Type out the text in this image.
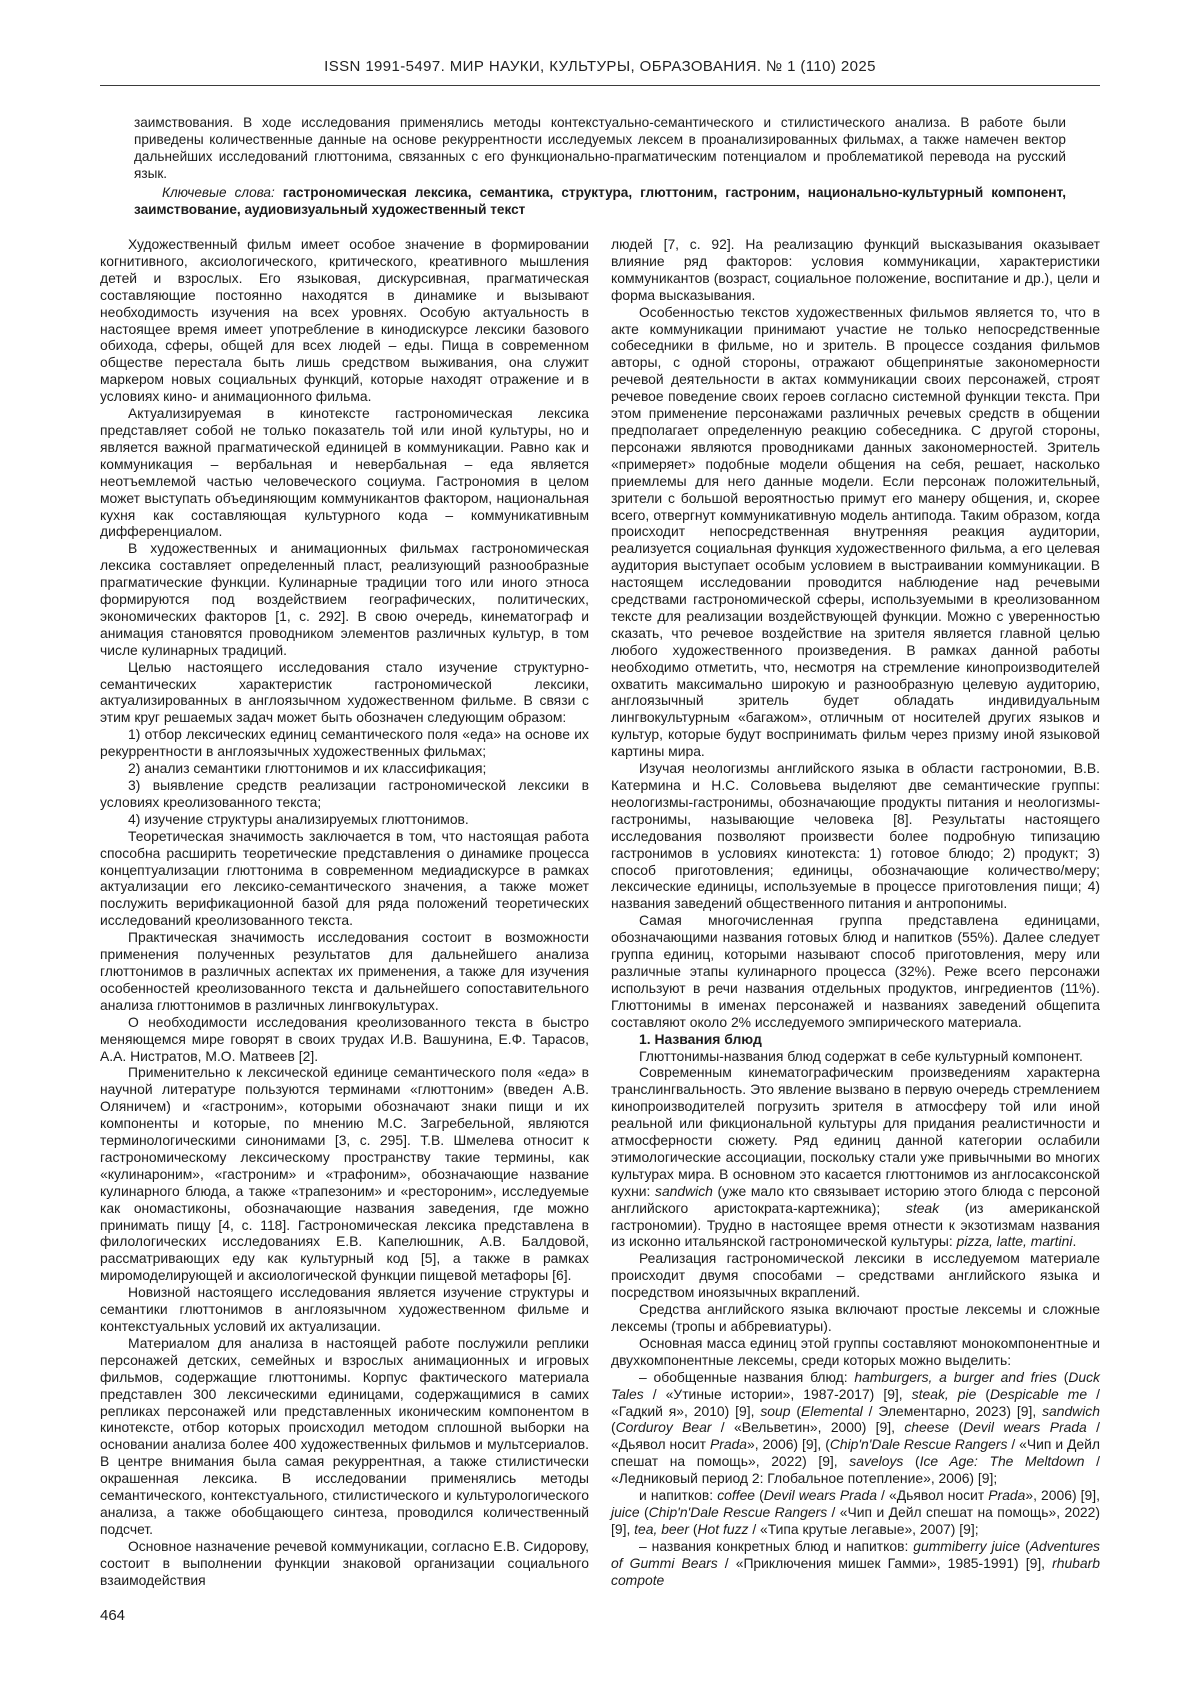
ISSN 1991-5497. МИР НАУКИ, КУЛЬТУРЫ, ОБРАЗОВАНИЯ. № 1 (110) 2025

заимствования. В ходе исследования применялись методы контекстуально-семантического и стилистического анализа. В работе были приведены количественные данные на основе рекуррентности исследуемых лексем в проанализированных фильмах, а также намечен вектор дальнейших исследований глюттонима, связанных с его функционально-прагматическим потенциалом и проблематикой перевода на русский язык.

Ключевые слова: гастрономическая лексика, семантика, структура, глюттоним, гастроним, национально-культурный компонент, заимствование, аудиовизуальный художественный текст

Художественный фильм имеет особое значение в формировании когнитивного, аксиологического, критического, креативного мышления детей и взрослых. Его языковая, дискурсивная, прагматическая составляющие постоянно находятся в динамике и вызывают необходимость изучения на всех уровнях. Особую актуальность в настоящее время имеет употребление в кинодискурсе лексики базового обихода, сферы, общей для всех людей – еды. Пища в современном обществе перестала быть лишь средством выживания, она служит маркером новых социальных функций, которые находят отражение и в условиях кино- и анимационного фильма.

Актуализируемая в кинотексте гастрономическая лексика представляет собой не только показатель той или иной культуры, но и является важной прагматической единицей в коммуникации. Равно как и коммуникация – вербальная и невербальная – еда является неотъемлемой частью человеческого социума. Гастрономия в целом может выступать объединяющим коммуникантов фактором, национальная кухня как составляющая культурного кода – коммуникативным дифференциалом.

В художественных и анимационных фильмах гастрономическая лексика составляет определенный пласт, реализующий разнообразные прагматические функции. Кулинарные традиции того или иного этноса формируются под воздействием географических, политических, экономических факторов [1, с. 292]. В свою очередь, кинематограф и анимация становятся проводником элементов различных культур, в том числе кулинарных традиций.

Целью настоящего исследования стало изучение структурно-семантических характеристик гастрономической лексики, актуализированных в англоязычном художественном фильме. В связи с этим круг решаемых задач может быть обозначен следующим образом:

1) отбор лексических единиц семантического поля «еда» на основе их рекуррентности в англоязычных художественных фильмах;

2) анализ семантики глюттонимов и их классификация;

3) выявление средств реализации гастрономической лексики в условиях креолизованного текста;

4) изучение структуры анализируемых глюттонимов.

Теоретическая значимость заключается в том, что настоящая работа способна расширить теоретические представления о динамике процесса концептуализации глюттонима в современном медиадискурсе в рамках актуализации его лексико-семантического значения, а также может послужить верификационной базой для ряда положений теоретических исследований креолизованного текста.

Практическая значимость исследования состоит в возможности применения полученных результатов для дальнейшего анализа глюттонимов в различных аспектах их применения, а также для изучения особенностей креолизованного текста и дальнейшего сопоставительного анализа глюттонимов в различных лингвокультурах.

О необходимости исследования креолизованного текста в быстро меняющемся мире говорят в своих трудах И.В. Вашунина, Е.Ф. Тарасов, А.А. Нистратов, М.О. Матвеев [2].

Применительно к лексической единице семантического поля «еда» в научной литературе пользуются терминами «глюттоним» (введен А.В. Оляничем) и «гастроним», которыми обозначают знаки пищи и их компоненты и которые, по мнению М.С. Загребельной, являются терминологическими синонимами [3, с. 295]. Т.В. Шмелева относит к гастрономическому лексическому пространству такие термины, как «кулинароним», «гастроним» и «трафоним», обозначающие название кулинарного блюда, а также «трапезоним» и «рестороним», исследуемые как ономастиконы, обозначающие названия заведения, где можно принимать пищу [4, с. 118]. Гастрономическая лексика представлена в филологических исследованиях Е.В. Капелюшник, А.В. Балдовой, рассматривающих еду как культурный код [5], а также в рамках миромоделирующей и аксиологической функции пищевой метафоры [6].

Новизной настоящего исследования является изучение структуры и семантики глюттонимов в англоязычном художественном фильме и контекстуальных условий их актуализации.

Материалом для анализа в настоящей работе послужили реплики персонажей детских, семейных и взрослых анимационных и игровых фильмов, содержащие глюттонимы. Корпус фактического материала представлен 300 лексическими единицами, содержащимися в самих репликах персонажей или представленных иконическим компонентом в кинотексте, отбор которых происходил методом сплошной выборки на основании анализа более 400 художественных фильмов и мультсериалов. В центре внимания была самая рекуррентная, а также стилистически окрашенная лексика. В исследовании применялись методы семантического, контекстуального, стилистического и культурологического анализа, а также обобщающего синтеза, проводился количественный подсчет.

Основное назначение речевой коммуникации, согласно Е.В. Сидорову, состоит в выполнении функции знаковой организации социального взаимодействия

людей [7, с. 92]. На реализацию функций высказывания оказывает влияние ряд факторов: условия коммуникации, характеристики коммуникантов (возраст, социальное положение, воспитание и др.), цели и форма высказывания.

Особенностью текстов художественных фильмов является то, что в акте коммуникации принимают участие не только непосредственные собеседники в фильме, но и зритель. В процессе создания фильмов авторы, с одной стороны, отражают общепринятые закономерности речевой деятельности в актах коммуникации своих персонажей, строят речевое поведение своих героев согласно системной функции текста. При этом применение персонажами различных речевых средств в общении предполагает определенную реакцию собеседника. С другой стороны, персонажи являются проводниками данных закономерностей. Зритель «примеряет» подобные модели общения на себя, решает, насколько приемлемы для него данные модели. Если персонаж положительный, зрители с большой вероятностью примут его манеру общения, и, скорее всего, отвергнут коммуникативную модель антипода. Таким образом, когда происходит непосредственная внутренняя реакция аудитории, реализуется социальная функция художественного фильма, а его целевая аудитория выступает особым условием в выстраивании коммуникации. В настоящем исследовании проводится наблюдение над речевыми средствами гастрономической сферы, используемыми в креолизованном тексте для реализации воздействующей функции. Можно с уверенностью сказать, что речевое воздействие на зрителя является главной целью любого художественного произведения. В рамках данной работы необходимо отметить, что, несмотря на стремление кинопроизводителей охватить максимально широкую и разнообразную целевую аудиторию, англоязычный зритель будет обладать индивидуальным лингвокультурным «багажом», отличным от носителей других языков и культур, которые будут воспринимать фильм через призму иной языковой картины мира.

Изучая неологизмы английского языка в области гастрономии, В.В. Катермина и Н.С. Соловьева выделяют две семантические группы: неологизмы-гастронимы, обозначающие продукты питания и неологизмы-гастронимы, называющие человека [8]. Результаты настоящего исследования позволяют произвести более подробную типизацию гастронимов в условиях кинотекста: 1) готовое блюдо; 2) продукт; 3) способ приготовления; единицы, обозначающие количество/меру; лексические единицы, используемые в процессе приготовления пищи; 4) названия заведений общественного питания и антропонимы.

Самая многочисленная группа представлена единицами, обозначающими названия готовых блюд и напитков (55%). Далее следует группа единиц, которыми называют способ приготовления, меру или различные этапы кулинарного процесса (32%). Реже всего персонажи используют в речи названия отдельных продуктов, ингредиентов (11%). Глюттонимы в именах персонажей и названиях заведений общепита составляют около 2% исследуемого эмпирического материала.

1. Названия блюд

Глюттонимы-названия блюд содержат в себе культурный компонент.

Современным кинематографическим произведениям характерна транслингвальность. Это явление вызвано в первую очередь стремлением кинопроизводителей погрузить зрителя в атмосферу той или иной реальной или фикциональной культуры для придания реалистичности и атмосферности сюжету. Ряд единиц данной категории ослабили этимологические ассоциации, поскольку стали уже привычными во многих культурах мира. В основном это касается глюттонимов из англосаксонской кухни: sandwich (уже мало кто связывает историю этого блюда с персоной английского аристократа-картежника); steak (из американской гастрономии). Трудно в настоящее время отнести к экзотизмам названия из исконно итальянской гастрономической культуры: pizza, latte, martini.

Реализация гастрономической лексики в исследуемом материале происходит двумя способами – средствами английского языка и посредством иноязычных вкраплений.

Средства английского языка включают простые лексемы и сложные лексемы (тропы и аббревиатуры).

Основная масса единиц этой группы составляют монокомпонентные и двухкомпонентные лексемы, среди которых можно выделить:

– обобщенные названия блюд: hamburgers, a burger and fries (Duck Tales / «Утиные истории», 1987-2017) [9], steak, pie (Despicable me / «Гадкий я», 2010) [9], soup (Elemental / Элементарно, 2023) [9], sandwich (Corduroy Bear / «Вельветин», 2000) [9], cheese (Devil wears Prada / «Дьявол носит Prada», 2006) [9], (Chip'n'Dale Rescue Rangers / «Чип и Дейл спешат на помощь», 2022) [9], saveloys (Ice Age: The Meltdown / «Ледниковый период 2: Глобальное потепление», 2006) [9];

и напитков: coffee (Devil wears Prada / «Дьявол носит Prada», 2006) [9], juice (Chip'n'Dale Rescue Rangers / «Чип и Дейл спешат на помощь», 2022) [9], tea, beer (Hot fuzz / «Типа крутые легавые», 2007) [9];

– названия конкретных блюд и напитков: gummiberry juice (Adventures of Gummi Bears / «Приключения мишек Гамми», 1985-1991) [9], rhubarb compote

464
